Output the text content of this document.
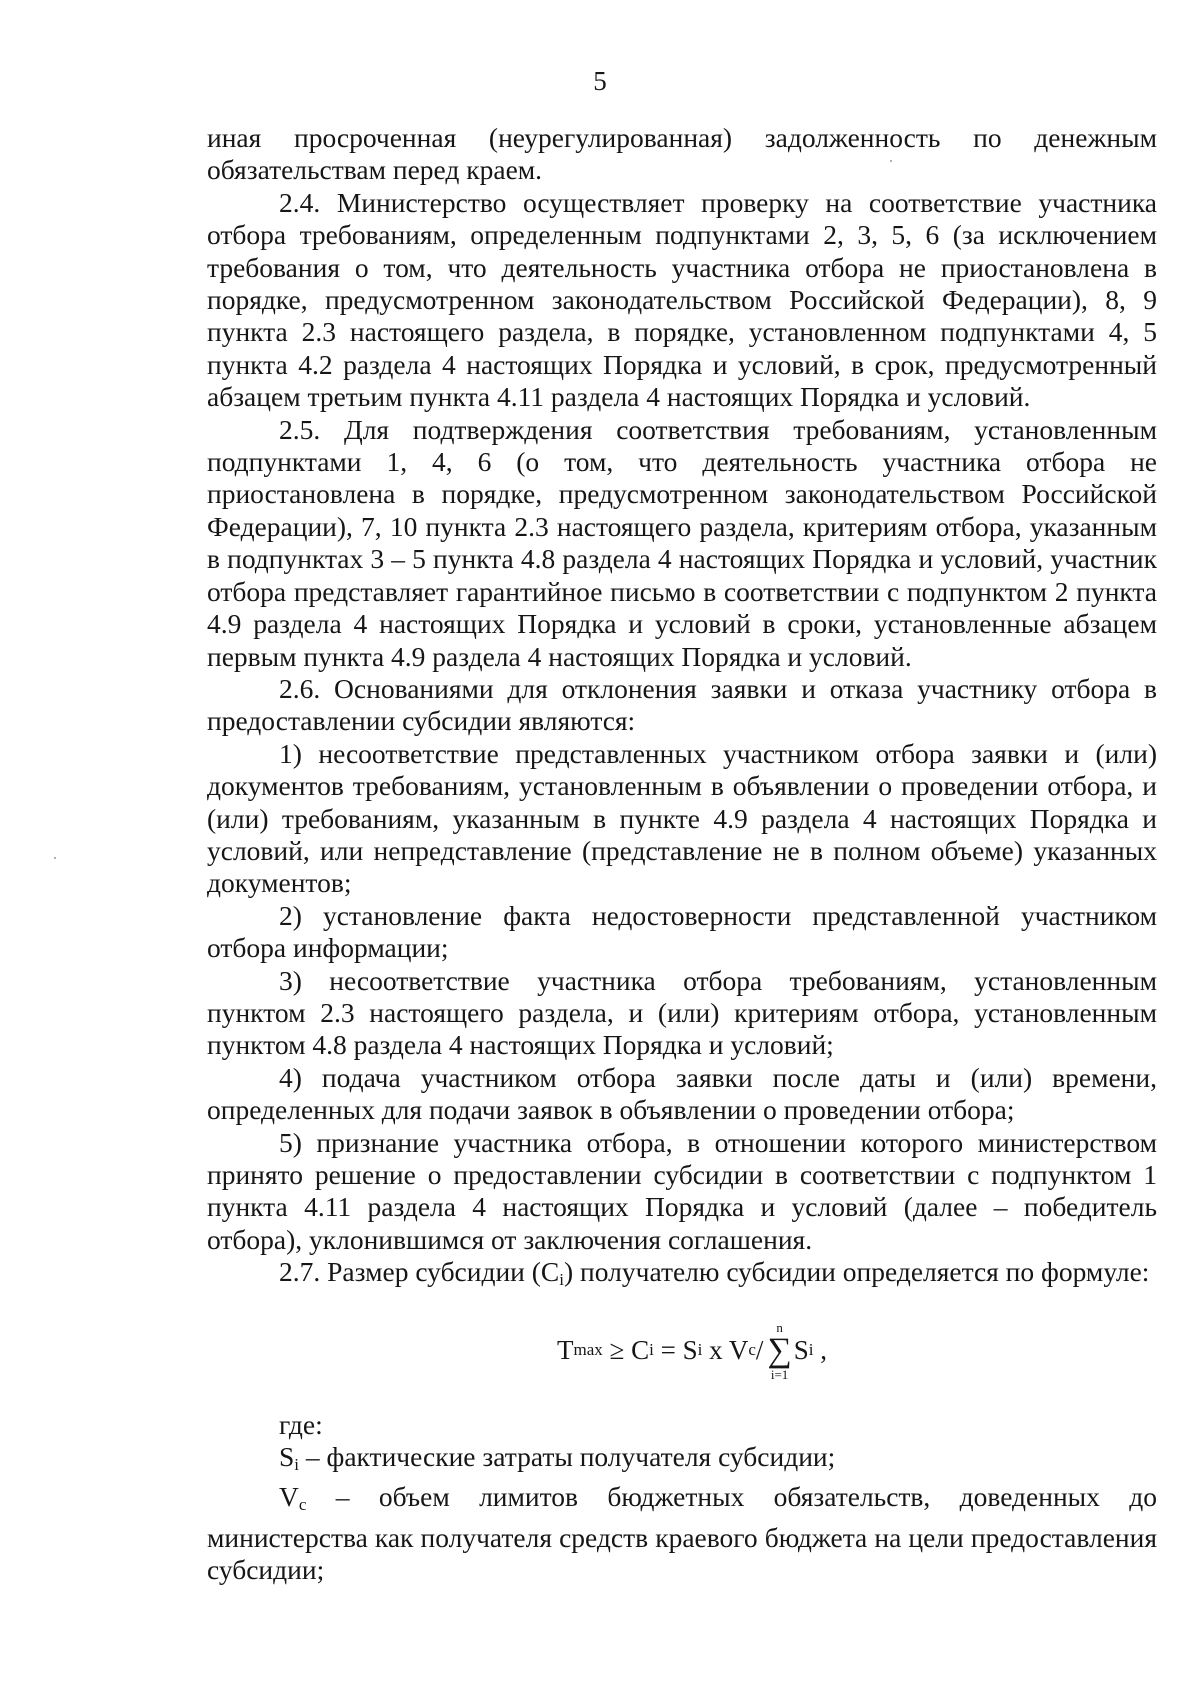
5

иная просроченная (неурегулированная) задолженность по денежным обязательствам перед краем.

2.4. Министерство осуществляет проверку на соответствие участника отбора требованиям, определенным подпунктами 2, 3, 5, 6 (за исключением требования о том, что деятельность участника отбора не приостановлена в порядке, предусмотренном законодательством Российской Федерации), 8, 9 пункта 2.3 настоящего раздела, в порядке, установленном подпунктами 4, 5 пункта 4.2 раздела 4 настоящих Порядка и условий, в срок, предусмотренный абзацем третьим пункта 4.11 раздела 4 настоящих Порядка и условий.

2.5. Для подтверждения соответствия требованиям, установленным подпунктами 1, 4, 6 (о том, что деятельность участника отбора не приостановлена в порядке, предусмотренном законодательством Российской Федерации), 7, 10 пункта 2.3 настоящего раздела, критериям отбора, указанным в подпунктах 3 – 5 пункта 4.8 раздела 4 настоящих Порядка и условий, участник отбора представляет гарантийное письмо в соответствии с подпунктом 2 пункта 4.9 раздела 4 настоящих Порядка и условий в сроки, установленные абзацем первым пункта 4.9 раздела 4 настоящих Порядка и условий.

2.6. Основаниями для отклонения заявки и отказа участнику отбора в предоставлении субсидии являются:

1) несоответствие представленных участником отбора заявки и (или) документов требованиям, установленным в объявлении о проведении отбора, и (или) требованиям, указанным в пункте 4.9 раздела 4 настоящих Порядка и условий, или непредставление (представление не в полном объеме) указанных документов;

2) установление факта недостоверности представленной участником отбора информации;

3) несоответствие участника отбора требованиям, установленным пунктом 2.3 настоящего раздела, и (или) критериям отбора, установленным пунктом 4.8 раздела 4 настоящих Порядка и условий;

4) подача участником отбора заявки после даты и (или) времени, определенных для подачи заявок в объявлении о проведении отбора;

5) признание участника отбора, в отношении которого министерством принято решение о предоставлении субсидии в соответствии с подпунктом 1 пункта 4.11 раздела 4 настоящих Порядка и условий (далее – победитель отбора), уклонившимся от заключения соглашения.

2.7. Размер субсидии $(C_i)$ получателю субсидии определяется по формуле:

T max ≥ C i = S i x V c /
n
∑
i=1
S i ,

где:

$S_i$ – фактические затраты получателя субсидии;

$V_c$ – объем лимитов бюджетных обязательств, доведенных до министерства как получателя средств краевого бюджета на цели предоставления субсидии;
